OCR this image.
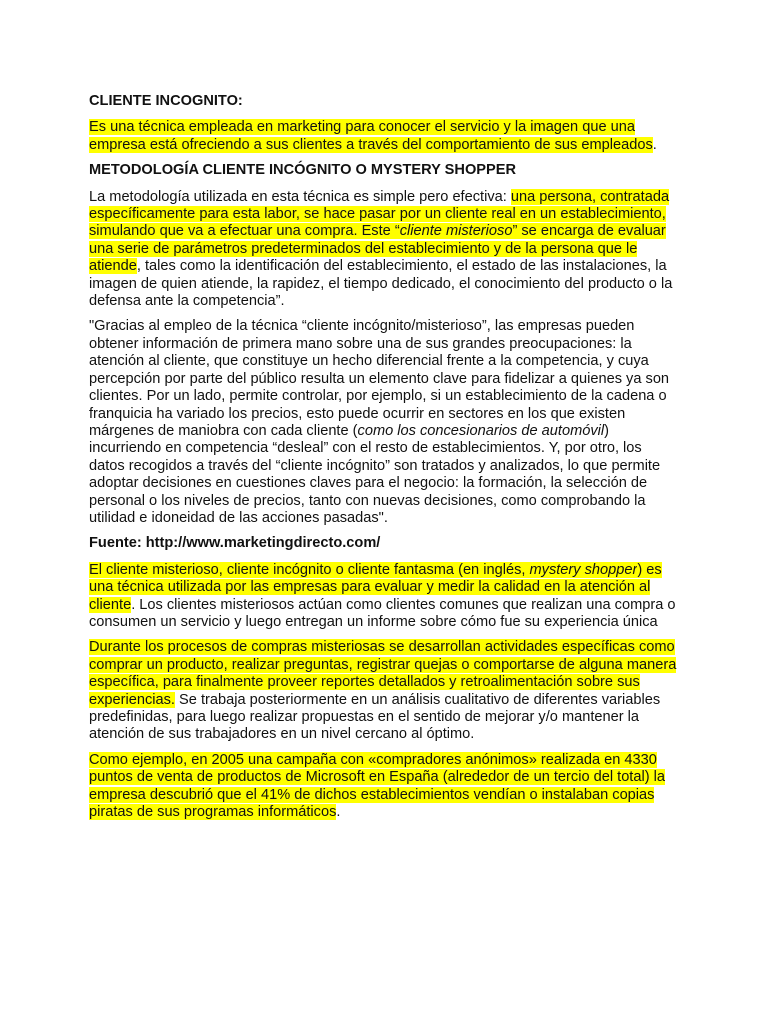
CLIENTE INCOGNITO:

Es una técnica empleada en marketing para conocer el servicio y la imagen que una empresa está ofreciendo a sus clientes a través del comportamiento de sus empleados.

METODOLOGÍA CLIENTE INCÓGNITO O MYSTERY SHOPPER

La metodología utilizada en esta técnica es simple pero efectiva: una persona, contratada específicamente para esta labor, se hace pasar por un cliente real en un establecimiento, simulando que va a efectuar una compra. Este “cliente misterioso” se encarga de evaluar una serie de parámetros predeterminados del establecimiento y de la persona que le atiende, tales como la identificación del establecimiento, el estado de las instalaciones, la imagen de quien atiende, la rapidez, el tiempo dedicado, el conocimiento del producto o la defensa ante la competencia”.

"Gracias al empleo de la técnica “cliente incógnito/misterioso”, las empresas pueden obtener información de primera mano sobre una de sus grandes preocupaciones: la atención al cliente, que constituye un hecho diferencial frente a la competencia, y cuya percepción por parte del público resulta un elemento clave para fidelizar a quienes ya son clientes. Por un lado, permite controlar, por ejemplo, si un establecimiento de la cadena o franquicia ha variado los precios, esto puede ocurrir en sectores en los que existen márgenes de maniobra con cada cliente (como los concesionarios de automóvil) incurriendo en competencia “desleal” con el resto de establecimientos. Y, por otro, los datos recogidos a través del “cliente incógnito” son tratados y analizados, lo que permite adoptar decisiones en cuestiones claves para el negocio: la formación, la selección de personal o los niveles de precios, tanto con nuevas decisiones, como comprobando la utilidad e idoneidad de las acciones pasadas".

Fuente: http://www.marketingdirecto.com/

El cliente misterioso, cliente incógnito o cliente fantasma (en inglés, mystery shopper) es una técnica utilizada por las empresas para evaluar y medir la calidad en la atención al cliente. Los clientes misteriosos actúan como clientes comunes que realizan una compra o consumen un servicio y luego entregan un informe sobre cómo fue su experiencia única

Durante los procesos de compras misteriosas se desarrollan actividades específicas como comprar un producto, realizar preguntas, registrar quejas o comportarse de alguna manera específica, para finalmente proveer reportes detallados y retroalimentación sobre sus experiencias. Se trabaja posteriormente en un análisis cualitativo de diferentes variables predefinidas, para luego realizar propuestas en el sentido de mejorar y/o mantener la atención de sus trabajadores en un nivel cercano al óptimo.

Como ejemplo, en 2005 una campaña con «compradores anónimos» realizada en 4330 puntos de venta de productos de Microsoft en España (alrededor de un tercio del total) la empresa descubrió que el 41% de dichos establecimientos vendían o instalaban copias piratas de sus programas informáticos.
